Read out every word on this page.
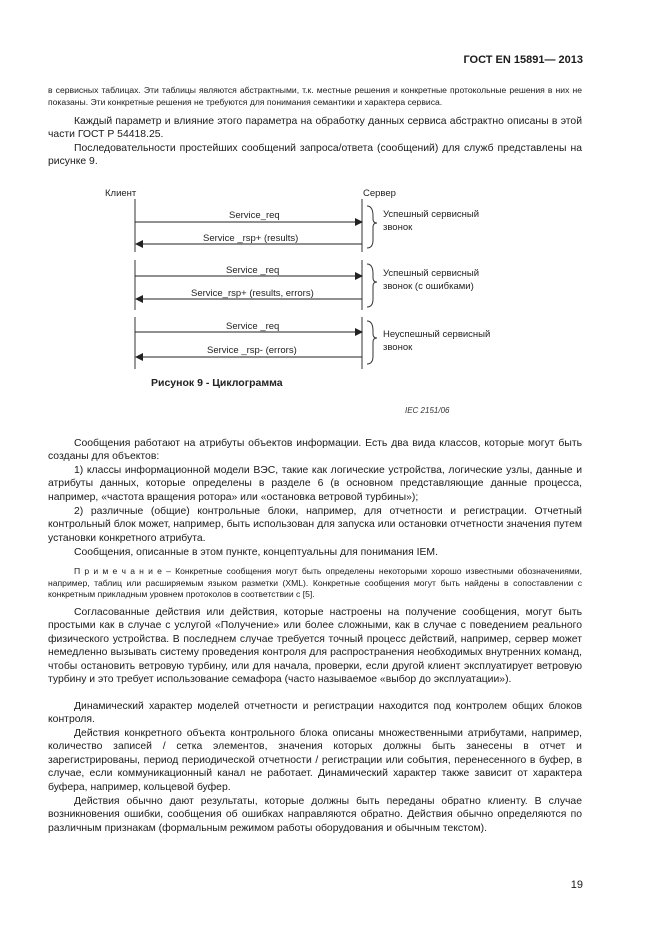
ГОСТ EN 15891— 2013

в сервисных таблицах. Эти таблицы являются абстрактными, т.к. местные решения и конкретные протокольные решения в них не показаны. Эти конкретные решения не требуются для понимания семантики и характера сервиса.

Каждый параметр и влияние этого параметра на обработку данных сервиса абстрактно описаны в этой части ГОСТ Р 54418.25.

Последовательности простейших сообщений запроса/ответа (сообщений) для служб представлены на рисунке 9.

Клиент	Сервер
Service_req
Service _rsp+ (results)
Успешный сервисный
звонок
Service _req
Service_rsp+ (results, errors)
Успешный сервисный
звонок (с ошибками)
Service _req
Service _rsp- (errors)
Неуспешный сервисный
звонок
Рисунок 9 - Циклограмма
IEC 2151/06

Сообщения работают на атрибуты объектов информации. Есть два вида классов, которые могут быть созданы для объектов:

1) классы информационной модели ВЭС, такие как логические устройства, логические узлы, данные и атрибуты данных, которые определены в разделе 6 (в основном представляющие данные процесса, например, «частота вращения ротора» или «остановка ветровой турбины»);

2) различные (общие) контрольные блоки, например, для отчетности и регистрации. Отчетный контрольный блок может, например, быть использован для запуска или остановки отчетности значения путем установки конкретного атрибута.

Сообщения, описанные в этом пункте, концептуальны для понимания IEM.

П р и м е ч а н и е – Конкретные сообщения могут быть определены некоторыми хорошо известными обозначениями, например, таблиц или расширяемым языком разметки (XML). Конкретные сообщения могут быть найдены в сопоставлении с конкретным прикладным уровнем протоколов в соответствии с [5].

Согласованные действия или действия, которые настроены на получение сообщения, могут быть простыми как в случае с услугой «Получение» или более сложными, как в случае с поведением реального физического устройства. В последнем случае требуется точный процесс действий, например, сервер может немедленно вызывать систему проведения контроля для распространения необходимых внутренних команд, чтобы остановить ветровую турбину, или для начала, проверки, если другой клиент эксплуатирует ветровую турбину и это требует использование семафора (часто называемое «выбор до эксплуатации»).

Динамический характер моделей отчетности и регистрации находится под контролем общих блоков контроля.

Действия конкретного объекта контрольного блока описаны множественными атрибутами, например, количество записей / сетка элементов, значения которых должны быть занесены в отчет и зарегистрированы, период периодической отчетности / регистрации или события, перенесенного в буфер, в случае, если коммуникационный канал не работает. Динамический характер также зависит от характера буфера, например, кольцевой буфер.

Действия обычно дают результаты, которые должны быть переданы обратно клиенту. В случае возникновения ошибки, сообщения об ошибках направляются обратно. Действия обычно определяются по различным признакам (формальным режимом работы оборудования и обычным текстом).

19
